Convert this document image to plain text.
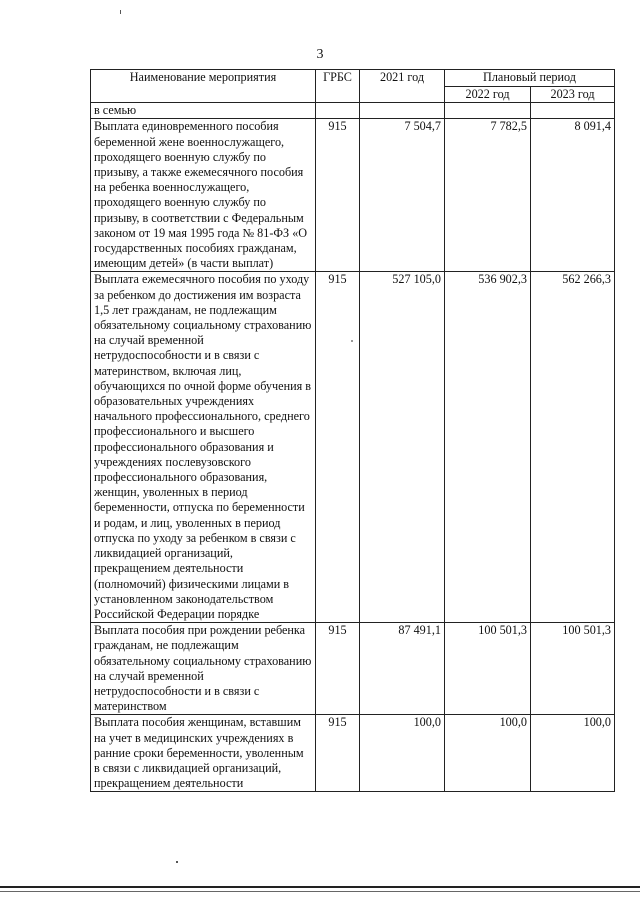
3
Наименование мероприятия	ГРБС	2021 год	Плановый период	
			2022 год	2023 год
в семью				
Выплата единовременного пособия беременной жене военнослужащего, проходящего военную службу по призыву, а также ежемесячного пособия на ребенка военнослужащего, проходящего военную службу по призыву, в соответствии с Федеральным законом от 19 мая 1995 года № 81-ФЗ «О государственных пособиях гражданам, имеющим детей» (в части выплат)	915	7 504,7	7 782,5	8 091,4
Выплата ежемесячного пособия по уходу за ребенком до достижения им возраста 1,5 лет гражданам, не подлежащим обязательному социальному страхованию на случай временной нетрудоспособности и в связи с материнством, включая лиц, обучающихся по очной форме обучения в образовательных учреждениях начального профессионального, среднего профессионального и высшего профессионального образования и учреждениях послевузовского профессионального образования, женщин, уволенных в период беременности, отпуска по беременности и родам, и лиц, уволенных в период отпуска по уходу за ребенком в связи с ликвидацией организаций, прекращением деятельности (полномочий) физическими лицами в установленном законодательством Российской Федерации порядке	915	527 105,0	536 902,3	562 266,3
Выплата пособия при рождении ребенка гражданам, не подлежащим обязательному социальному страхованию на случай временной нетрудоспособности и в связи с материнством	915	87 491,1	100 501,3	100 501,3
Выплата пособия женщинам, вставшим на учет в медицинских учреждениях в ранние сроки беременности, уволенным в связи с ликвидацией организаций, прекращением деятельности	915	100,0	100,0	100,0
